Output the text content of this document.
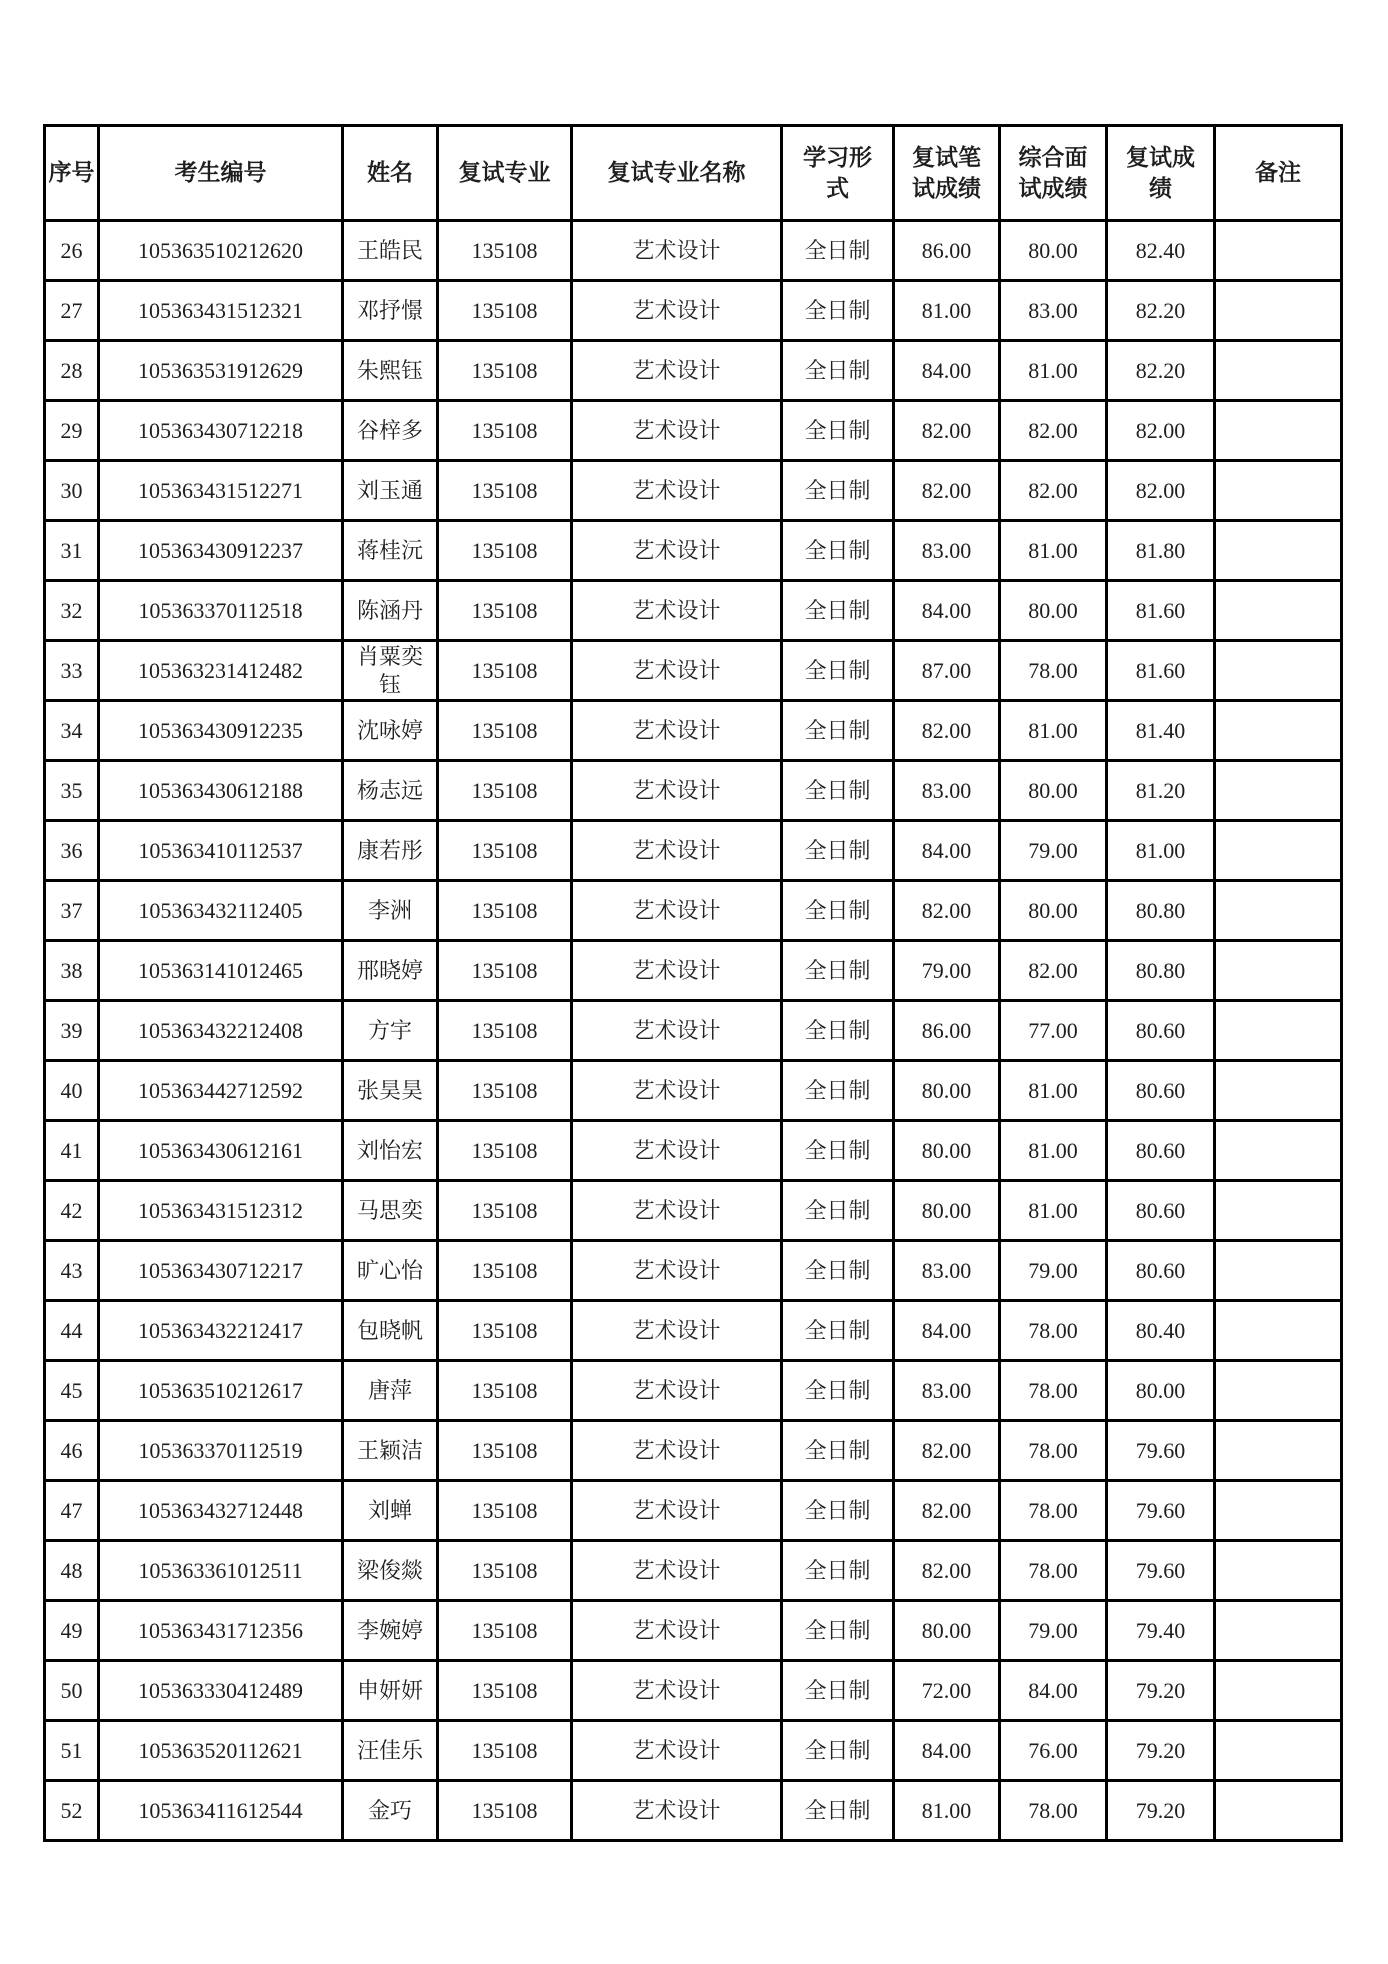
序号	考生编号	姓名	复试专业	复试专业名称	学习形式	复试笔试成绩	综合面试成绩	复试成绩	备注
26	105363510212620	王皓民	135108	艺术设计	全日制	86.00	80.00	82.40	
27	105363431512321	邓抒憬	135108	艺术设计	全日制	81.00	83.00	82.20	
28	105363531912629	朱熙钰	135108	艺术设计	全日制	84.00	81.00	82.20	
29	105363430712218	谷梓多	135108	艺术设计	全日制	82.00	82.00	82.00	
30	105363431512271	刘玉通	135108	艺术设计	全日制	82.00	82.00	82.00	
31	105363430912237	蒋桂沅	135108	艺术设计	全日制	83.00	81.00	81.80	
32	105363370112518	陈涵丹	135108	艺术设计	全日制	84.00	80.00	81.60	
33	105363231412482	肖粟奕钰	135108	艺术设计	全日制	87.00	78.00	81.60	
34	105363430912235	沈咏婷	135108	艺术设计	全日制	82.00	81.00	81.40	
35	105363430612188	杨志远	135108	艺术设计	全日制	83.00	80.00	81.20	
36	105363410112537	康若彤	135108	艺术设计	全日制	84.00	79.00	81.00	
37	105363432112405	李洲	135108	艺术设计	全日制	82.00	80.00	80.80	
38	105363141012465	邢晓婷	135108	艺术设计	全日制	79.00	82.00	80.80	
39	105363432212408	方宇	135108	艺术设计	全日制	86.00	77.00	80.60	
40	105363442712592	张昊昊	135108	艺术设计	全日制	80.00	81.00	80.60	
41	105363430612161	刘怡宏	135108	艺术设计	全日制	80.00	81.00	80.60	
42	105363431512312	马思奕	135108	艺术设计	全日制	80.00	81.00	80.60	
43	105363430712217	旷心怡	135108	艺术设计	全日制	83.00	79.00	80.60	
44	105363432212417	包晓帆	135108	艺术设计	全日制	84.00	78.00	80.40	
45	105363510212617	唐萍	135108	艺术设计	全日制	83.00	78.00	80.00	
46	105363370112519	王颖洁	135108	艺术设计	全日制	82.00	78.00	79.60	
47	105363432712448	刘蝉	135108	艺术设计	全日制	82.00	78.00	79.60	
48	105363361012511	梁俊燚	135108	艺术设计	全日制	82.00	78.00	79.60	
49	105363431712356	李婉婷	135108	艺术设计	全日制	80.00	79.00	79.40	
50	105363330412489	申妍妍	135108	艺术设计	全日制	72.00	84.00	79.20	
51	105363520112621	汪佳乐	135108	艺术设计	全日制	84.00	76.00	79.20	
52	105363411612544	金巧	135108	艺术设计	全日制	81.00	78.00	79.20	
